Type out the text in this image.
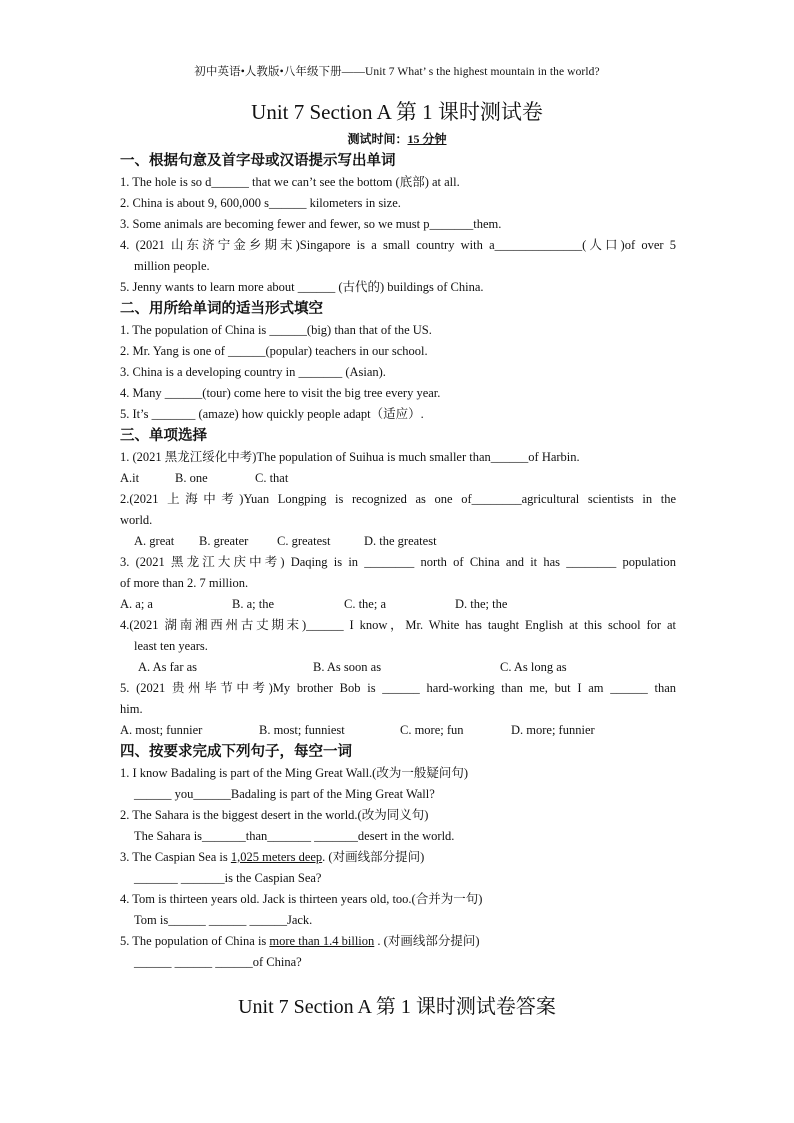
初中英语•人教版•八年级下册——Unit 7 What’ s the highest mountain in the world?
Unit 7 Section A 第 1 课时测试卷
测试时间：15 分钟
一、根据句意及首字母或汉语提示写出单词
1. The hole is so d______ that we can’t see the bottom (底部) at all.
2. China is about 9, 600,000 s______ kilometers in size.
3. Some animals are becoming fewer and fewer, so we must p_______them.
4. (2021 山东济宁金乡期末)Singapore is a small country with a______________(人口)of over 5
million people.
5. Jenny wants to learn more about ______ (古代的) buildings of China.
二、用所给单词的适当形式填空
1. The population of China is ______(big) than that of the US.
2. Mr. Yang is one of ______(popular) teachers in our school.
3. China is a developing country in _______ (Asian).
4. Many ______(tour) come here to visit the big tree every year.
5. It’s _______ (amaze) how quickly people adapt（适应）.
三、单项选择
1. (2021 黑龙江绥化中考)The population of Suihua is much smaller than______of Harbin.
A.it	B. one	C. that
2.(2021 上海中考)Yuan Longping is recognized as one of________agricultural scientists in the
world.
A. great	B. greater	C. greatest	D. the greatest
3. (2021 黑龙江大庆中考) Daqing is in ________ north of China and it has ________ population
of more than 2. 7 million.
A. a; a	B. a; the	C. the; a	D. the; the
4.(2021 湖南湘西州古丈期末)______ I know，Mr. White has taught English at this school for at
least ten years.
A. As far as	B. As soon as	C. As long as
5. (2021 贵州毕节中考)My brother Bob is ______ hard-working than me, but I am ______ than
him.
A. most; funnier	B. most; funniest	C. more; fun	D. more; funnier
四、按要求完成下列句子，每空一词
1. I know Badaling is part of the Ming Great Wall.(改为一般疑问句)
______ you______Badaling is part of the Ming Great Wall?
2. The Sahara is the biggest desert in the world.(改为同义句)
The Sahara is_______than_______ _______desert in the world.
3. The Caspian Sea is 1,025 meters deep. (对画线部分提问)
_______ _______is the Caspian Sea?
4. Tom is thirteen years old. Jack is thirteen years old, too.(合并为一句)
Tom is______ ______ ______Jack.
5. The population of China is more than 1.4 billion . (对画线部分提问)
______ ______ ______of China?
Unit 7 Section A 第 1 课时测试卷答案
